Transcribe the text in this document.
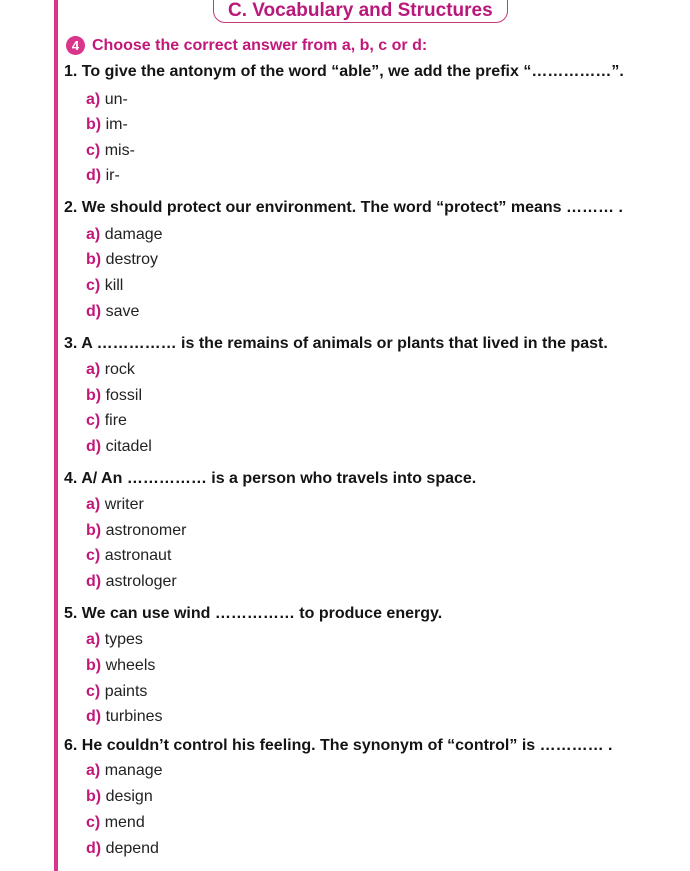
C. Vocabulary and Structures
4 Choose the correct answer from a, b, c or d:
1. To give the antonym of the word “able”, we add the prefix “……………”.
a) un-
b) im-
c) mis-
d) ir-
2. We should protect our environment. The word “protect” means ……… .
a) damage
b) destroy
c) kill
d) save
3. A …………… is the remains of animals or plants that lived in the past.
a) rock
b) fossil
c) fire
d) citadel
4. A/ An …………… is a person who travels into space.
a) writer
b) astronomer
c) astronaut
d) astrologer
5. We can use wind …………… to produce energy.
a) types
b) wheels
c) paints
d) turbines
6. He couldn’t control his feeling. The synonym of “control” is ………… .
a) manage
b) design
c) mend
d) depend
